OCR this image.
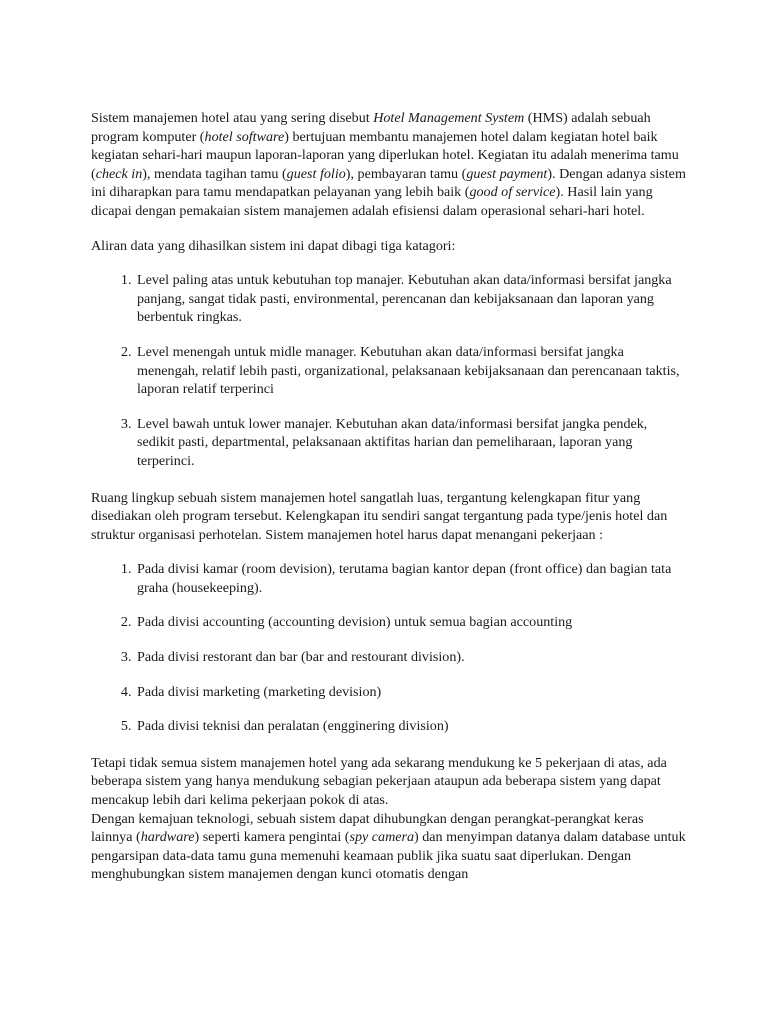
Sistem manajemen hotel atau yang sering disebut Hotel Management System (HMS) adalah sebuah program komputer (hotel software) bertujuan membantu manajemen hotel dalam kegiatan hotel baik kegiatan sehari-hari maupun laporan-laporan yang diperlukan hotel. Kegiatan itu adalah menerima tamu (check in), mendata tagihan tamu (guest folio), pembayaran tamu (guest payment). Dengan adanya sistem ini diharapkan para tamu mendapatkan pelayanan yang lebih baik (good of service). Hasil lain yang dicapai dengan pemakaian sistem manajemen adalah efisiensi dalam operasional sehari-hari hotel.

Aliran data yang dihasilkan sistem ini dapat dibagi tiga katagori:

1. Level paling atas untuk kebutuhan top manajer. Kebutuhan akan data/informasi bersifat jangka panjang, sangat tidak pasti, environmental, perencanan dan kebijaksanaan dan laporan yang berbentuk ringkas.
2. Level menengah untuk midle manager. Kebutuhan akan data/informasi bersifat jangka menengah, relatif lebih pasti, organizational, pelaksanaan kebijaksanaan dan perencanaan taktis, laporan relatif terperinci
3. Level bawah untuk lower manajer. Kebutuhan akan data/informasi bersifat jangka pendek, sedikit pasti, departmental, pelaksanaan aktifitas harian dan pemeliharaan, laporan yang terperinci.

Ruang lingkup sebuah sistem manajemen hotel sangatlah luas, tergantung kelengkapan fitur yang disediakan oleh program tersebut. Kelengkapan itu sendiri sangat tergantung pada type/jenis hotel dan struktur organisasi perhotelan. Sistem manajemen hotel harus dapat menangani pekerjaan :

1. Pada divisi kamar (room devision), terutama bagian kantor depan (front office) dan bagian tata graha (housekeeping).
2. Pada divisi accounting (accounting devision) untuk semua bagian accounting
3. Pada divisi restorant dan bar (bar and restourant division).
4. Pada divisi marketing (marketing devision)
5. Pada divisi teknisi dan peralatan (engginering division)

Tetapi tidak semua sistem manajemen hotel yang ada sekarang mendukung ke 5 pekerjaan di atas, ada beberapa sistem yang hanya mendukung sebagian pekerjaan ataupun ada beberapa sistem yang dapat mencakup lebih dari kelima pekerjaan pokok di atas.

Dengan kemajuan teknologi, sebuah sistem dapat dihubungkan dengan perangkat-perangkat keras lainnya (hardware) seperti kamera pengintai (spy camera) dan menyimpan datanya dalam database untuk pengarsipan data-data tamu guna memenuhi keamaan publik jika suatu saat diperlukan. Dengan menghubungkan sistem manajemen dengan kunci otomatis dengan
